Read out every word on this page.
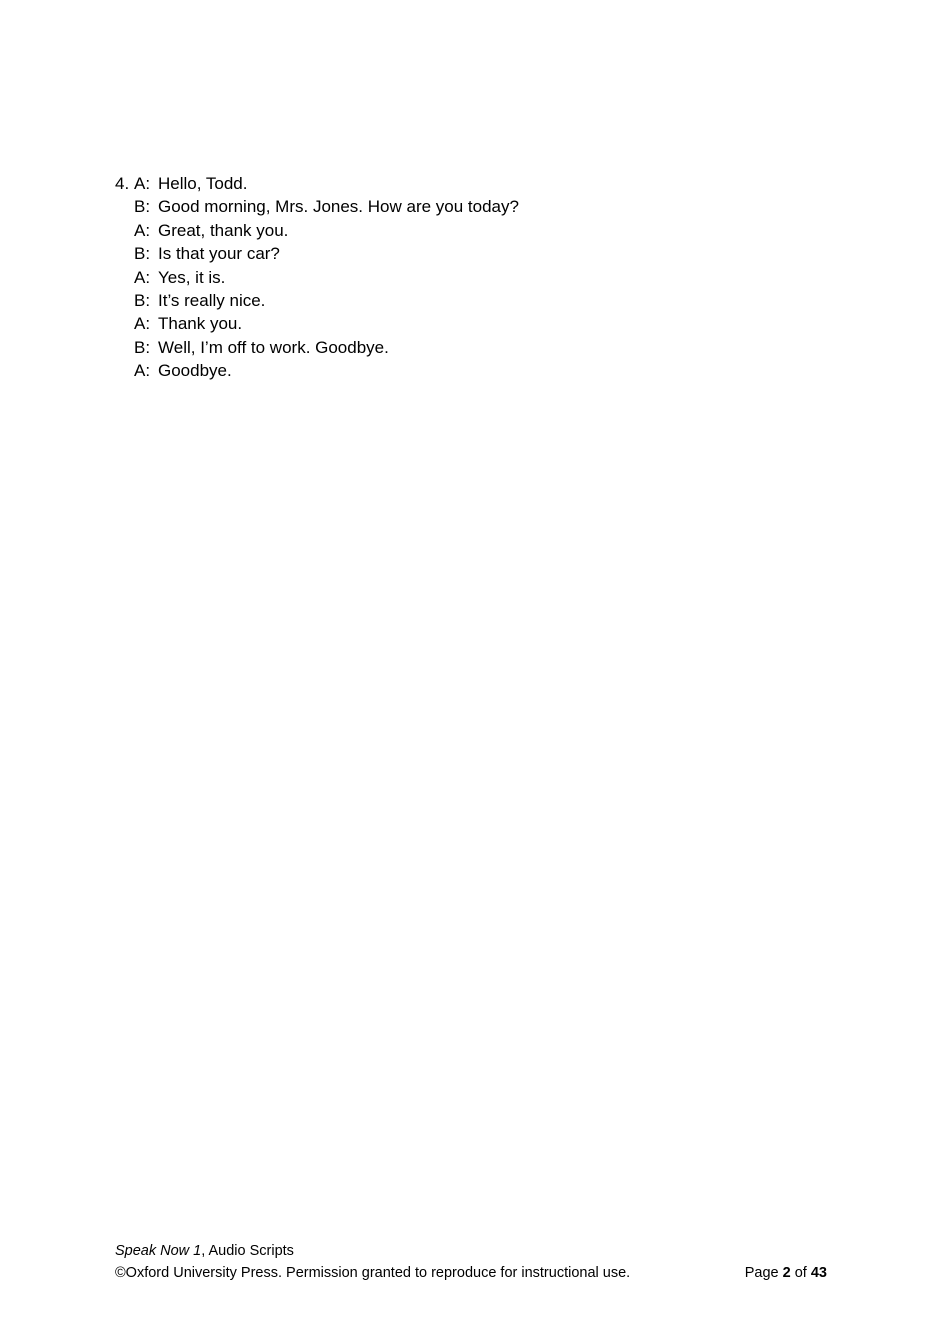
4. A: Hello, Todd.
B: Good morning, Mrs. Jones. How are you today?
A: Great, thank you.
B: Is that your car?
A: Yes, it is.
B: It’s really nice.
A: Thank you.
B: Well, I’m off to work. Goodbye.
A: Goodbye.
Speak Now 1, Audio Scripts
©Oxford University Press. Permission granted to reproduce for instructional use.	Page 2 of 43
